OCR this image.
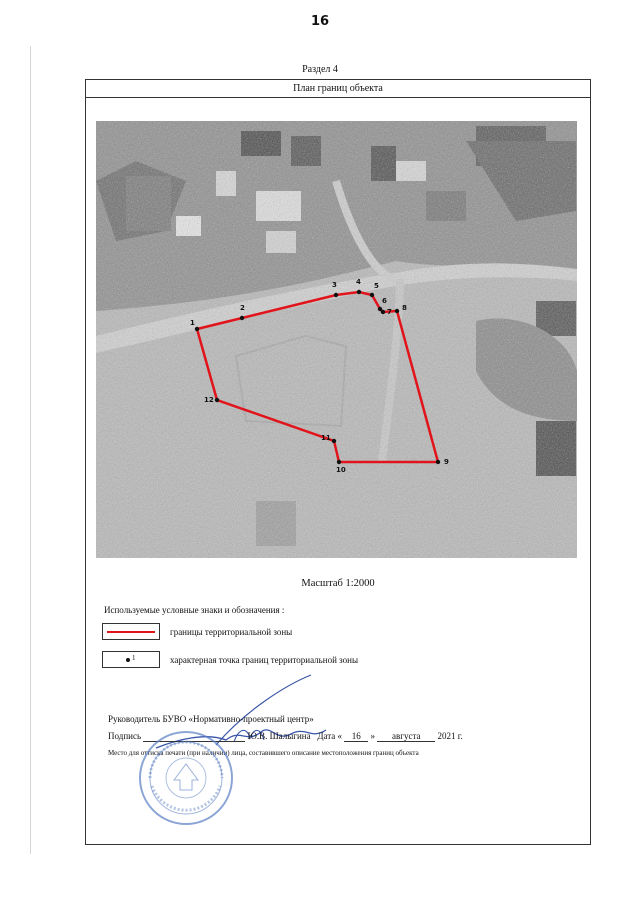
16
Раздел 4
План границ объекта
1
2
3	4 5
6
7 8
9
10
11
12
Масштаб 1:2000
Используемые условные знаки и обозначения :
границы территориальной зоны
1	характерная точка границ территориальной зоны
Руководитель БУВО «Нормативно-проектный центр»
Подпись	Ю.В. Шалыгина Дата « 16 » августа 2021 г.
Место для оттиска печати (при наличии) лица, составившего описание местоположения границ объекта
